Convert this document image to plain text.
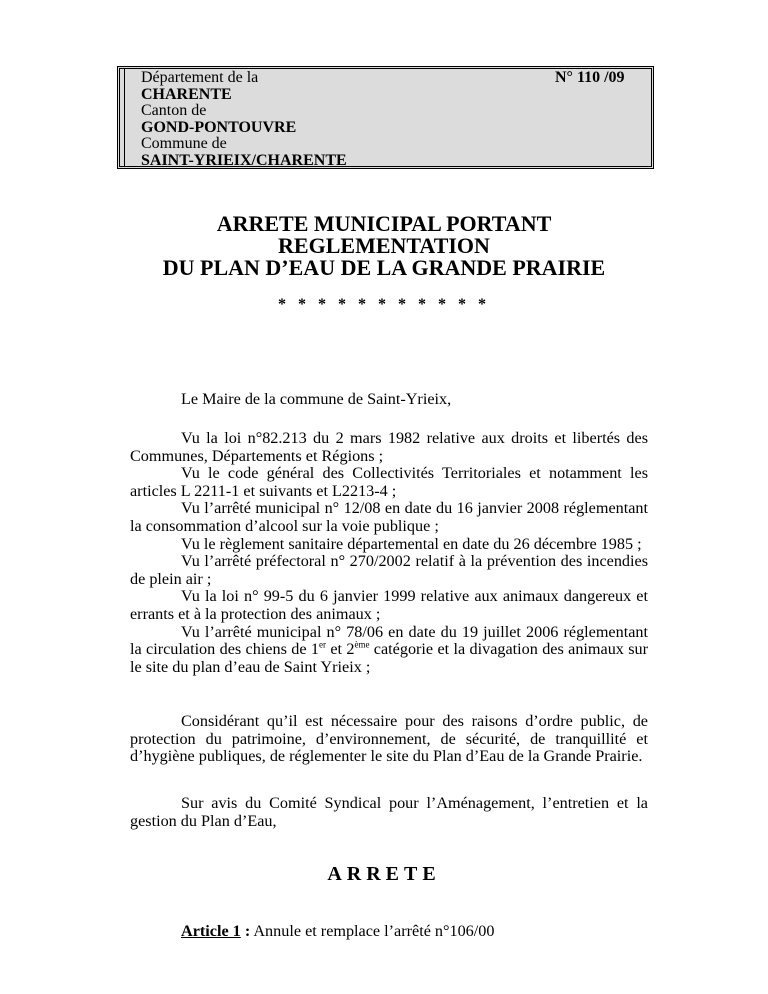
Département de la
CHARENTE
Canton de
GOND-PONTOUVRE
Commune de
SAINT-YRIEIX/CHARENTE
N° 110 /09
ARRETE MUNICIPAL PORTANT
REGLEMENTATION
DU PLAN D’EAU DE LA GRANDE PRAIRIE
* * * * * * * * * * *

Le Maire de la commune de Saint-Yrieix,

Vu la loi n°82.213 du 2 mars 1982 relative aux droits et libertés des Communes, Départements et Régions ;

Vu le code général des Collectivités Territoriales et notamment les articles L 2211-1 et suivants et L2213-4 ;

Vu l’arrêté municipal n° 12/08 en date du 16 janvier 2008 réglementant la consommation d’alcool sur la voie publique ;

Vu le règlement sanitaire départemental en date du 26 décembre 1985 ;

Vu l’arrêté préfectoral n° 270/2002 relatif à la prévention des incendies de plein air ;

Vu la loi n° 99-5 du 6 janvier 1999 relative aux animaux dangereux et errants et à la protection des animaux ;

Vu l’arrêté municipal n° 78/06 en date du 19 juillet 2006 réglementant la circulation des chiens de 1er et 2ème catégorie et la divagation des animaux sur le site du plan d’eau de Saint Yrieix ;

Considérant qu’il est nécessaire pour des raisons d’ordre public, de protection du patrimoine, d’environnement, de sécurité, de tranquillité et d’hygiène publiques, de réglementer le site du Plan d’Eau de la Grande Prairie.

Sur avis du Comité Syndical pour l’Aménagement, l’entretien et la gestion du Plan d’Eau,

ARRETE
Article 1 : Annule et remplace l’arrêté n°106/00
